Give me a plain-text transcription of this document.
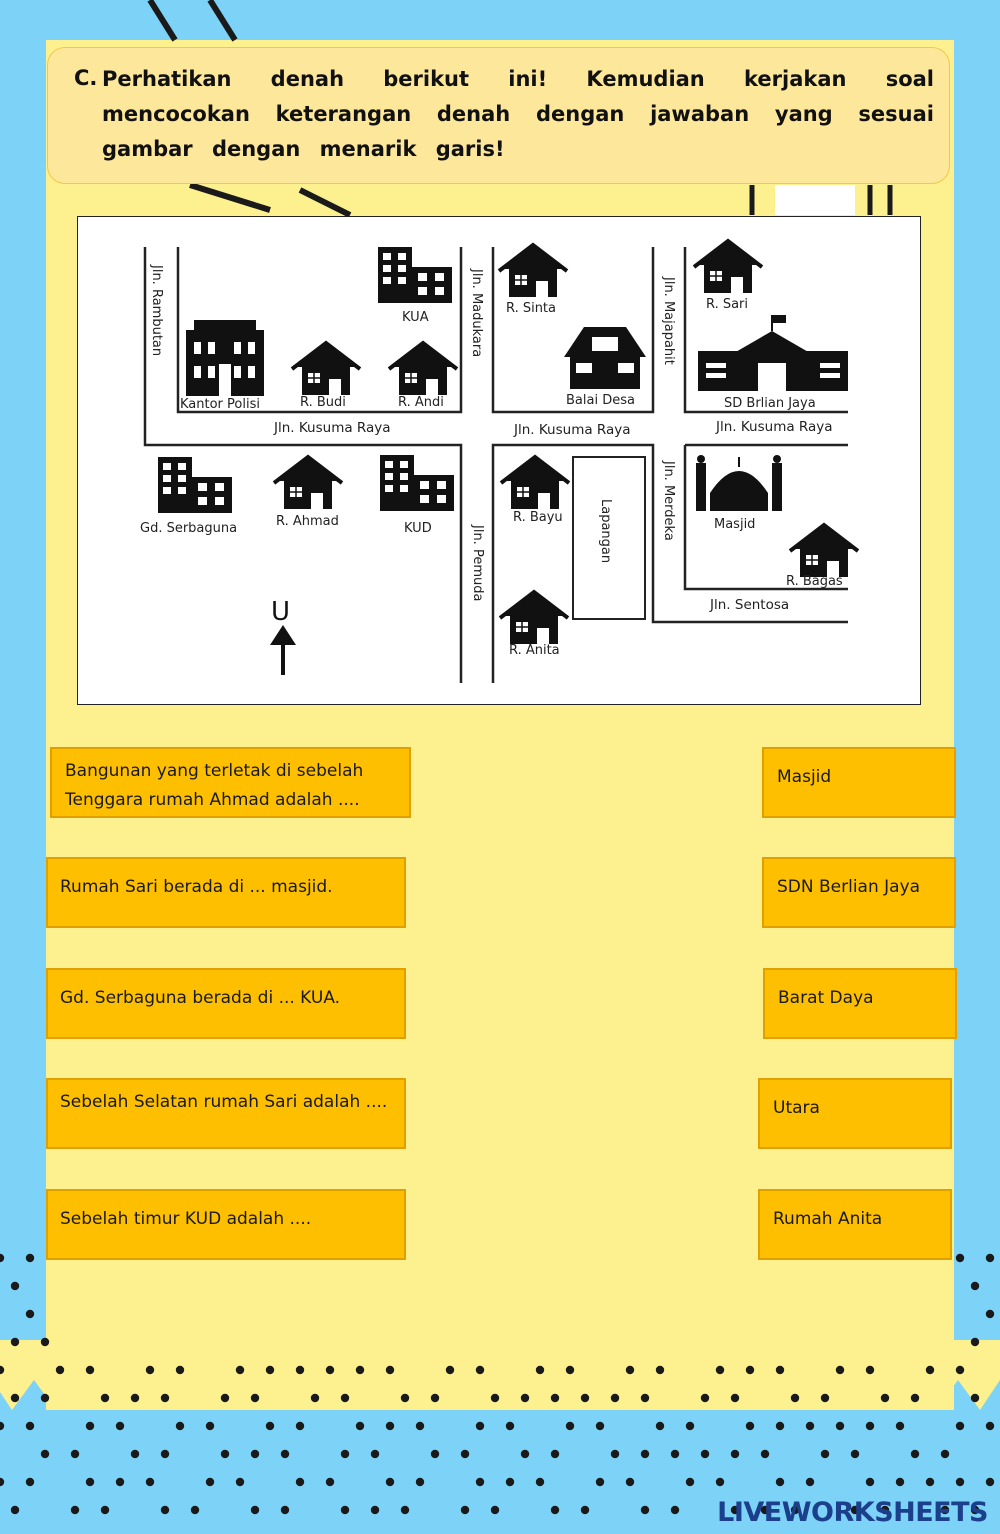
C. Perhatikan denah berikut ini! Kemudian kerjakan soal mencocokan keterangan denah dengan jawaban yang sesuai gambar dengan menarik garis!
Jln. Rambutan	Jln. Madukara	Jln. Majapahit
Jln. Kusuma Raya	Jln. Kusuma Raya	Jln. Kusuma Raya
Jln. Pemuda
Jln. Merdeka
Jln. Sentosa
Lapangan
KUA
Kantor Polisi	R. Budi	R. Andi
R. Sinta
Balai Desa
R. Sari
SD Brlian Jaya
Gd. Serbaguna	R. Ahmad	KUD
R. Bayu
R. Anita
Masjid
R. Bagas
U
Bangunan yang terletak di sebelah Tenggara rumah Ahmad adalah ....
Rumah Sari berada di ... masjid.
Gd. Serbaguna berada di ... KUA.
Sebelah Selatan rumah Sari adalah ....
Sebelah timur KUD adalah ....
Masjid
SDN Berlian Jaya
Barat Daya
Utara
Rumah Anita
LIVEWORKSHEETS
